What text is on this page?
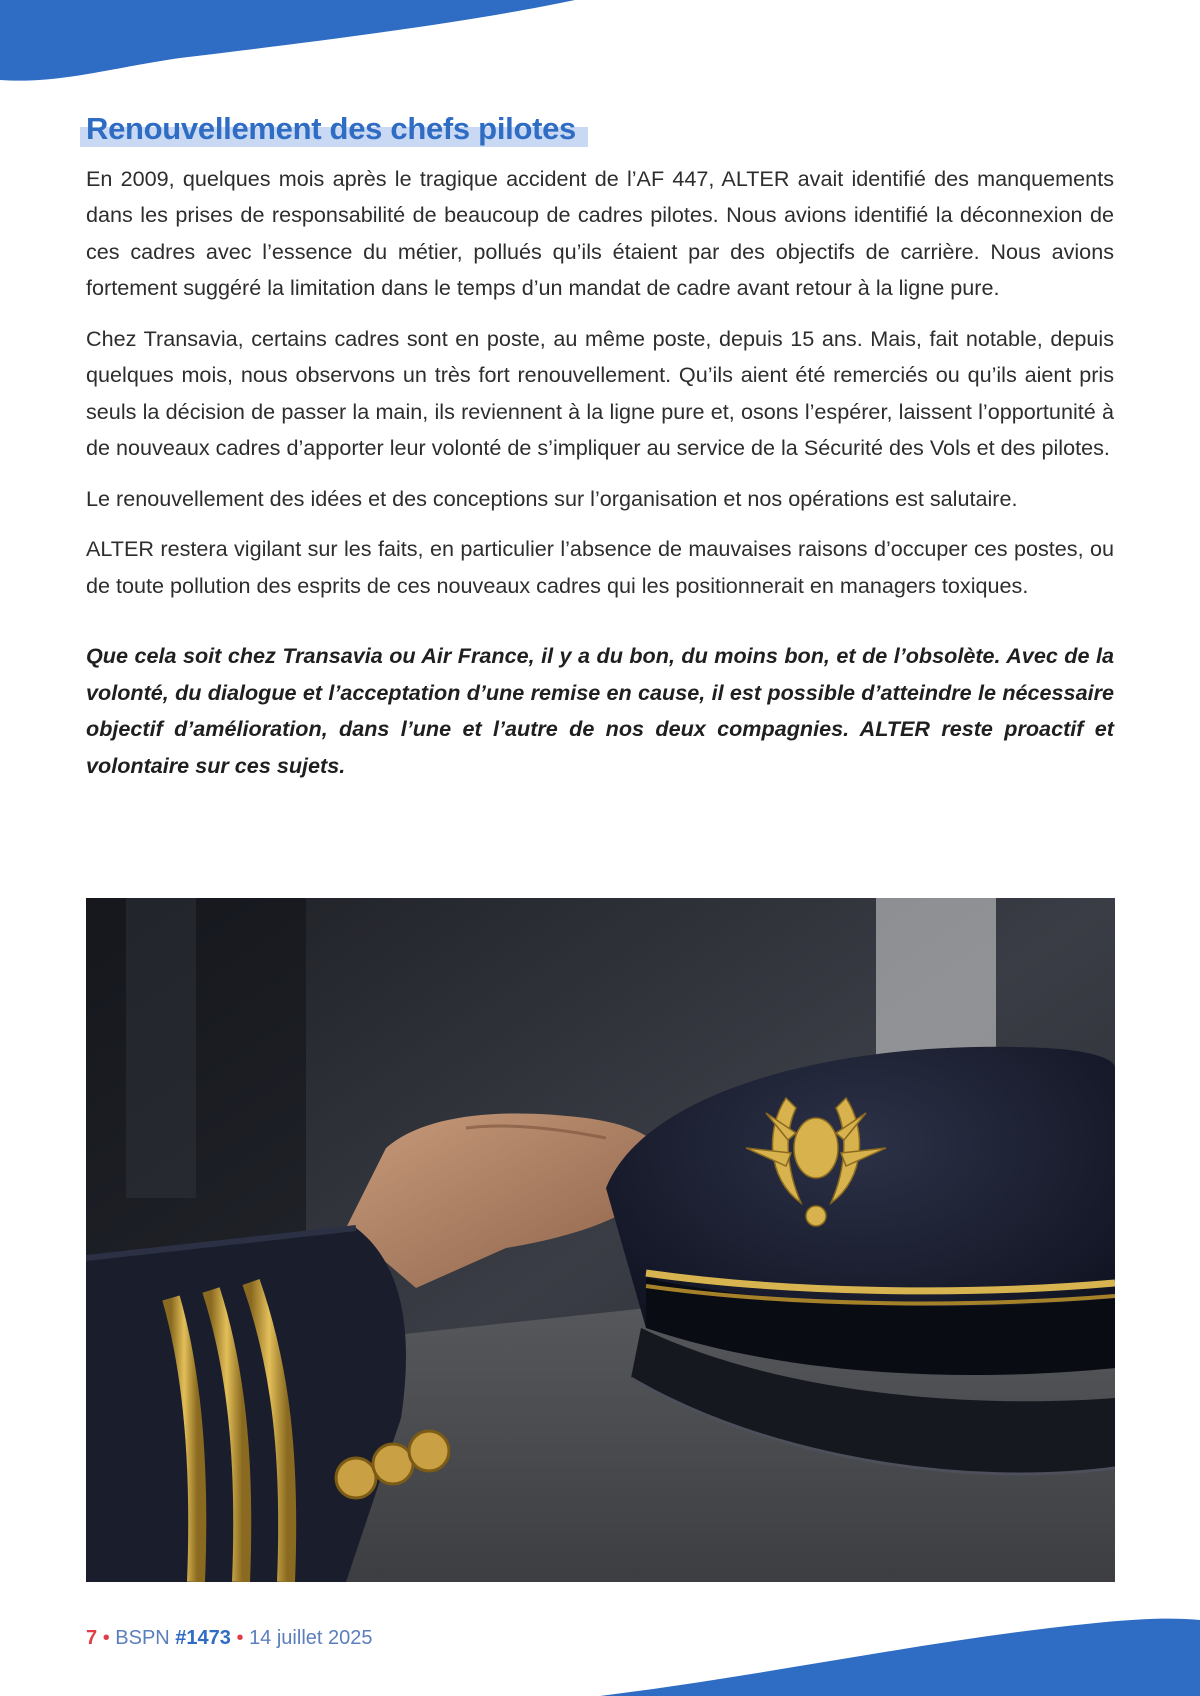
Renouvellement des chefs pilotes

En 2009, quelques mois après le tragique accident de l’AF 447, ALTER avait identifié des manquements dans les prises de responsabilité de beaucoup de cadres pilotes. Nous avions identifié la déconnexion de ces cadres avec l’essence du métier, pollués qu’ils étaient par des objectifs de carrière. Nous avions fortement suggéré la limitation dans le temps d’un mandat de cadre avant retour à la ligne pure.

Chez Transavia, certains cadres sont en poste, au même poste, depuis 15 ans. Mais, fait notable, depuis quelques mois, nous observons un très fort renouvellement. Qu’ils aient été remerciés ou qu’ils aient pris seuls la décision de passer la main, ils reviennent à la ligne pure et, osons l’espérer, laissent l’opportunité à de nouveaux cadres d’apporter leur volonté de s’impliquer au service de la Sécurité des Vols et des pilotes.

Le renouvellement des idées et des conceptions sur l’organisation et nos opérations est salutaire.

ALTER restera vigilant sur les faits, en particulier l’absence de mauvaises raisons d’occuper ces postes, ou de toute pollution des esprits de ces nouveaux cadres qui les positionnerait en managers toxiques.

Que cela soit chez Transavia ou Air France, il y a du bon, du moins bon, et de l’obsolète. Avec de la volonté, du dialogue et l’acceptation d’une remise en cause, il est possible d’atteindre le nécessaire objectif d’amélioration, dans l’une et l’autre de nos deux compagnies. ALTER reste proactif et volontaire sur ces sujets.

7 • BSPN #1473 • 14 juillet 2025
